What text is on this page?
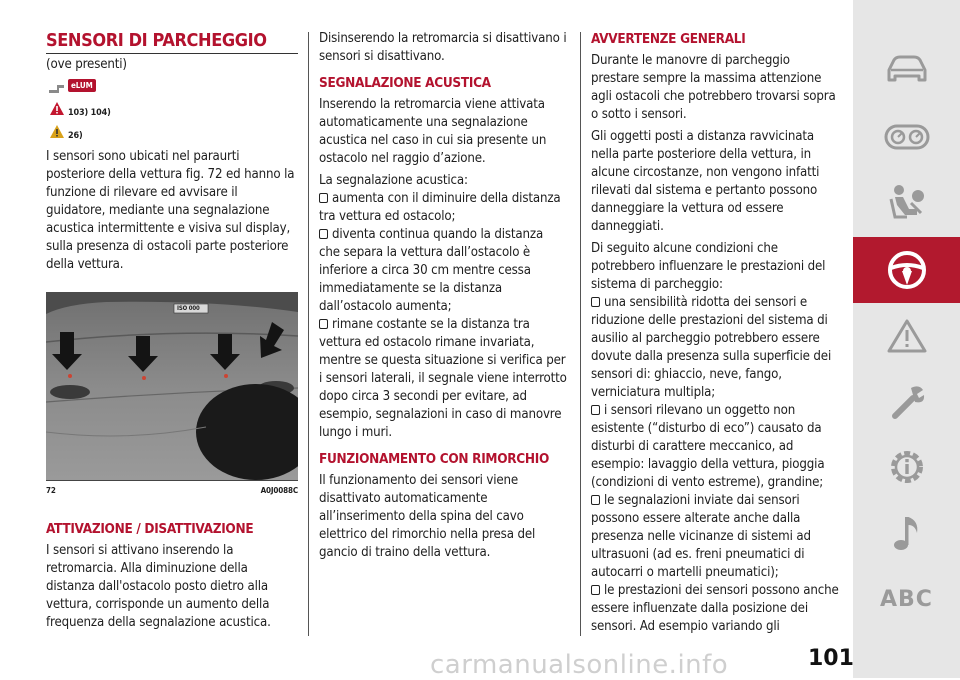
SENSORI DI PARCHEGGIO

(ove presenti)

eLUM
103) 104)
26)

I sensori sono ubicati nel paraurti posteriore della vettura fig. 72 ed hanno la funzione di rilevare ed avvisare il guidatore, mediante una segnalazione acustica intermittente e visiva sul display, sulla presenza di ostacoli parte posteriore della vettura.

ISO 000
72	A0J0088C
ATTIVAZIONE / DISATTIVAZIONE

I sensori si attivano inserendo la retromarcia. Alla diminuzione della distanza dall'ostacolo posto dietro alla vettura, corrisponde un aumento della frequenza della segnalazione acustica.

Disinserendo la retromarcia si disattivano i sensori si disattivano.

SEGNALAZIONE ACUSTICA

Inserendo la retromarcia viene attivata automaticamente una segnalazione acustica nel caso in cui sia presente un ostacolo nel raggio d’azione.

La segnalazione acustica:

aumenta con il diminuire della distanza tra vettura ed ostacolo;
diventa continua quando la distanza che separa la vettura dall’ostacolo è inferiore a circa 30 cm mentre cessa immediatamente se la distanza dall’ostacolo aumenta;
rimane costante se la distanza tra vettura ed ostacolo rimane invariata, mentre se questa situazione si verifica per i sensori laterali, il segnale viene interrotto dopo circa 3 secondi per evitare, ad esempio, segnalazioni in caso di manovre lungo i muri.
FUNZIONAMENTO CON RIMORCHIO

Il funzionamento dei sensori viene disattivato automaticamente all’inserimento della spina del cavo elettrico del rimorchio nella presa del gancio di traino della vettura.

AVVERTENZE GENERALI

Durante le manovre di parcheggio prestare sempre la massima attenzione agli ostacoli che potrebbero trovarsi sopra o sotto i sensori.

Gli oggetti posti a distanza ravvicinata nella parte posteriore della vettura, in alcune circostanze, non vengono infatti rilevati dal sistema e pertanto possono danneggiare la vettura od essere danneggiati.

Di seguito alcune condizioni che potrebbero influenzare le prestazioni del sistema di parcheggio:

una sensibilità ridotta dei sensori e riduzione delle prestazioni del sistema di ausilio al parcheggio potrebbero essere dovute dalla presenza sulla superficie dei sensori di: ghiaccio, neve, fango, verniciatura multipla;
i sensori rilevano un oggetto non esistente (“disturbo di eco”) causato da disturbi di carattere meccanico, ad esempio: lavaggio della vettura, pioggia (condizioni di vento estreme), grandine;
le segnalazioni inviate dai sensori possono essere alterate anche dalla presenza nelle vicinanze di sistemi ad ultrasuoni (ad es. freni pneumatici di autocarri o martelli pneumatici);
le prestazioni dei sensori possono anche essere influenzate dalla posizione dei sensori. Ad esempio variando gli
ABC
carmanualsonline.info	101
